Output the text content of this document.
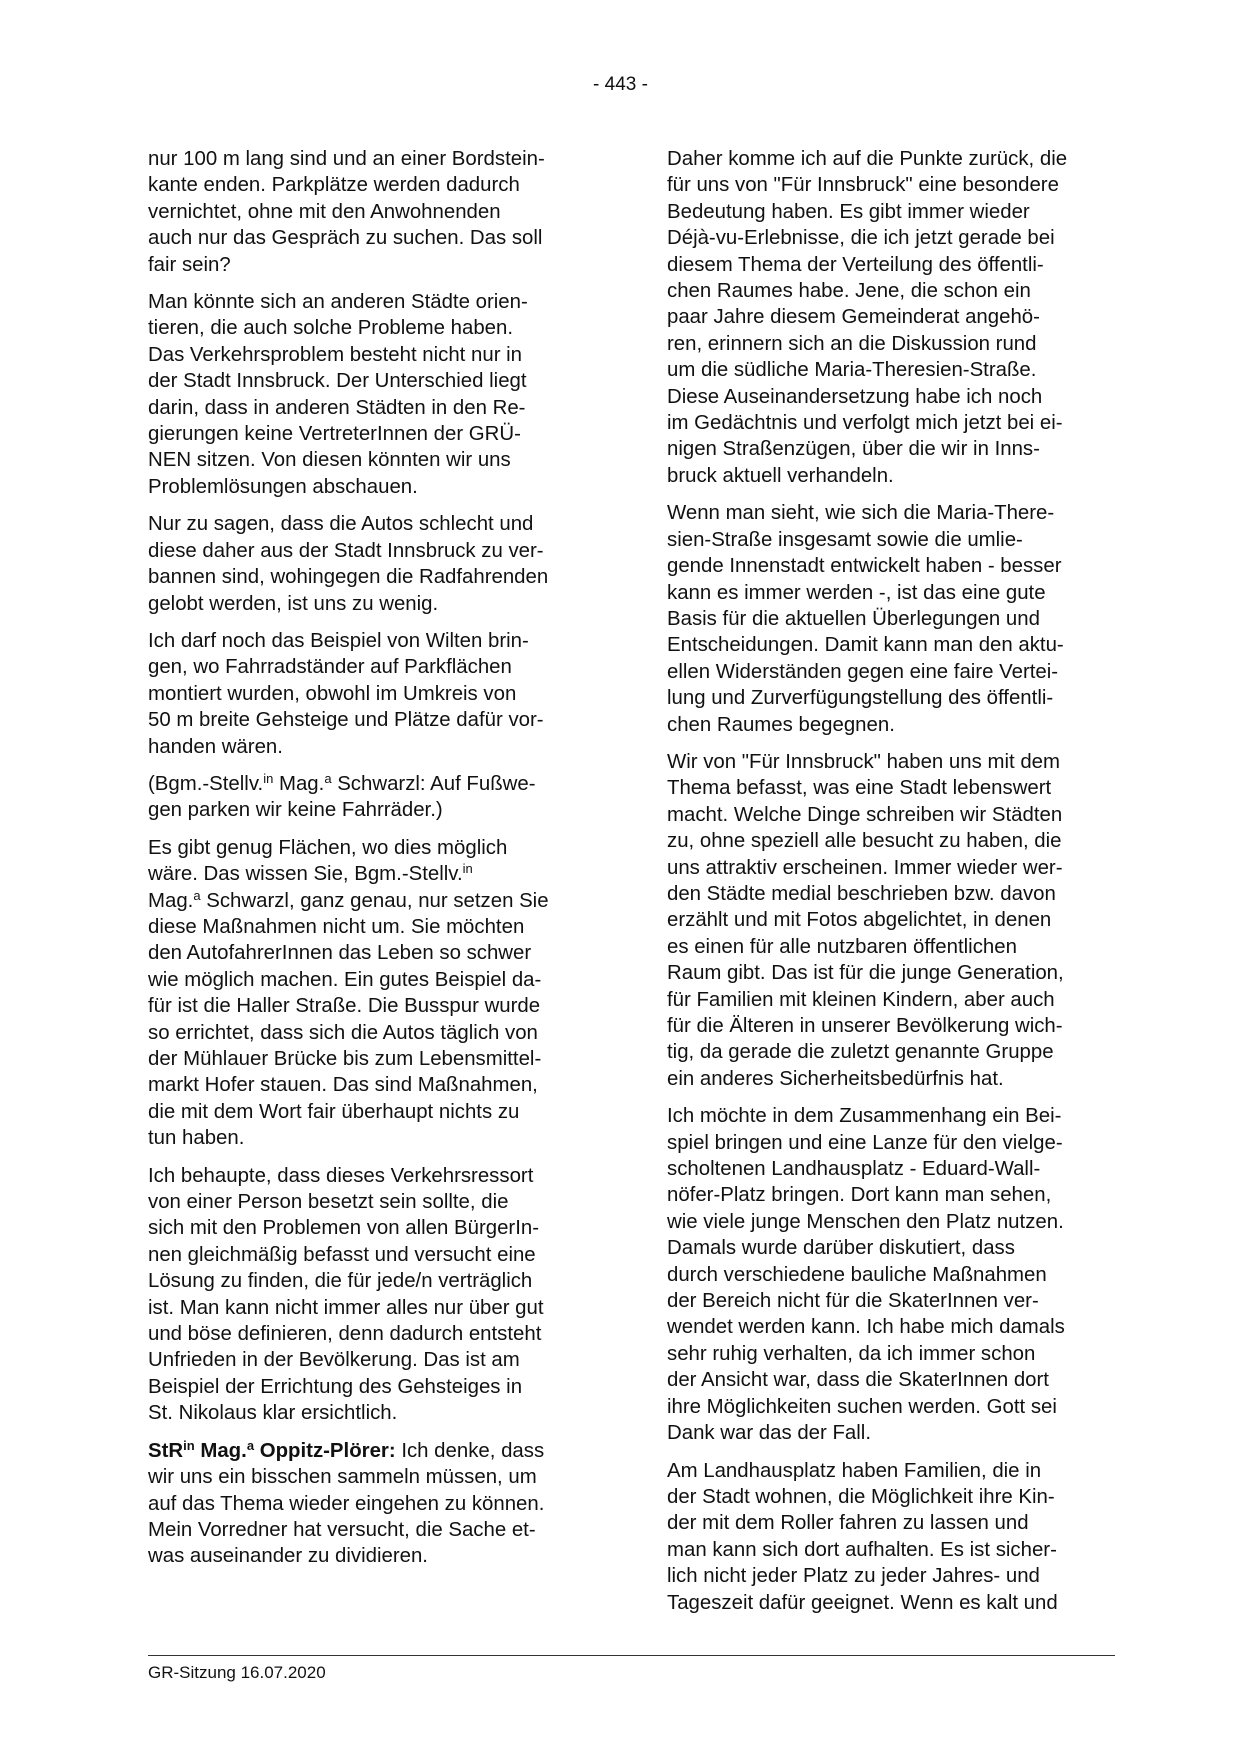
- 443 -

nur 100 m lang sind und an einer Bordstein-
kante enden. Parkplätze werden dadurch
vernichtet, ohne mit den Anwohnenden
auch nur das Gespräch zu suchen. Das soll
fair sein?

Man könnte sich an anderen Städte orien-
tieren, die auch solche Probleme haben.
Das Verkehrsproblem besteht nicht nur in
der Stadt Innsbruck. Der Unterschied liegt
darin, dass in anderen Städten in den Re-
gierungen keine VertreterInnen der GRÜ-
NEN sitzen. Von diesen könnten wir uns
Problemlösungen abschauen.

Nur zu sagen, dass die Autos schlecht und
diese daher aus der Stadt Innsbruck zu ver-
bannen sind, wohingegen die Radfahrenden
gelobt werden, ist uns zu wenig.

Ich darf noch das Beispiel von Wilten brin-
gen, wo Fahrradständer auf Parkflächen
montiert wurden, obwohl im Umkreis von
50 m breite Gehsteige und Plätze dafür vor-
handen wären.

(Bgm.-Stellv.$^{in}$ Mag.$^a$ Schwarzl: Auf Fußwe-
gen parken wir keine Fahrräder.)

Es gibt genug Flächen, wo dies möglich
wäre. Das wissen Sie, Bgm.-Stellv.$^{in}$
Mag.$^a$ Schwarzl, ganz genau, nur setzen Sie
diese Maßnahmen nicht um. Sie möchten
den AutofahrerInnen das Leben so schwer
wie möglich machen. Ein gutes Beispiel da-
für ist die Haller Straße. Die Busspur wurde
so errichtet, dass sich die Autos täglich von
der Mühlauer Brücke bis zum Lebensmittel-
markt Hofer stauen. Das sind Maßnahmen,
die mit dem Wort fair überhaupt nichts zu
tun haben.

Ich behaupte, dass dieses Verkehrsressort
von einer Person besetzt sein sollte, die
sich mit den Problemen von allen BürgerIn-
nen gleichmäßig befasst und versucht eine
Lösung zu finden, die für jede/n verträglich
ist. Man kann nicht immer alles nur über gut
und böse definieren, denn dadurch entsteht
Unfrieden in der Bevölkerung. Das ist am
Beispiel der Errichtung des Gehsteiges in
St. Nikolaus klar ersichtlich.

StR$^{in}$ Mag.$^a$ Oppitz-Plörer: Ich denke, dass
wir uns ein bisschen sammeln müssen, um
auf das Thema wieder eingehen zu können.
Mein Vorredner hat versucht, die Sache et-
was auseinander zu dividieren.

Daher komme ich auf die Punkte zurück, die
für uns von "Für Innsbruck" eine besondere
Bedeutung haben. Es gibt immer wieder
Déjà-vu-Erlebnisse, die ich jetzt gerade bei
diesem Thema der Verteilung des öffentli-
chen Raumes habe. Jene, die schon ein
paar Jahre diesem Gemeinderat angehö-
ren, erinnern sich an die Diskussion rund
um die südliche Maria-Theresien-Straße.
Diese Auseinandersetzung habe ich noch
im Gedächtnis und verfolgt mich jetzt bei ei-
nigen Straßenzügen, über die wir in Inns-
bruck aktuell verhandeln.

Wenn man sieht, wie sich die Maria-There-
sien-Straße insgesamt sowie die umlie-
gende Innenstadt entwickelt haben - besser
kann es immer werden -, ist das eine gute
Basis für die aktuellen Überlegungen und
Entscheidungen. Damit kann man den aktu-
ellen Widerständen gegen eine faire Vertei-
lung und Zurverfügungstellung des öffentli-
chen Raumes begegnen.

Wir von "Für Innsbruck" haben uns mit dem
Thema befasst, was eine Stadt lebenswert
macht. Welche Dinge schreiben wir Städten
zu, ohne speziell alle besucht zu haben, die
uns attraktiv erscheinen. Immer wieder wer-
den Städte medial beschrieben bzw. davon
erzählt und mit Fotos abgelichtet, in denen
es einen für alle nutzbaren öffentlichen
Raum gibt. Das ist für die junge Generation,
für Familien mit kleinen Kindern, aber auch
für die Älteren in unserer Bevölkerung wich-
tig, da gerade die zuletzt genannte Gruppe
ein anderes Sicherheitsbedürfnis hat.

Ich möchte in dem Zusammenhang ein Bei-
spiel bringen und eine Lanze für den vielge-
scholtenen Landhausplatz - Eduard-Wall-
nöfer-Platz bringen. Dort kann man sehen,
wie viele junge Menschen den Platz nutzen.
Damals wurde darüber diskutiert, dass
durch verschiedene bauliche Maßnahmen
der Bereich nicht für die SkaterInnen ver-
wendet werden kann. Ich habe mich damals
sehr ruhig verhalten, da ich immer schon
der Ansicht war, dass die SkaterInnen dort
ihre Möglichkeiten suchen werden. Gott sei
Dank war das der Fall.

Am Landhausplatz haben Familien, die in
der Stadt wohnen, die Möglichkeit ihre Kin-
der mit dem Roller fahren zu lassen und
man kann sich dort aufhalten. Es ist sicher-
lich nicht jeder Platz zu jeder Jahres- und
Tageszeit dafür geeignet. Wenn es kalt und

GR-Sitzung 16.07.2020
